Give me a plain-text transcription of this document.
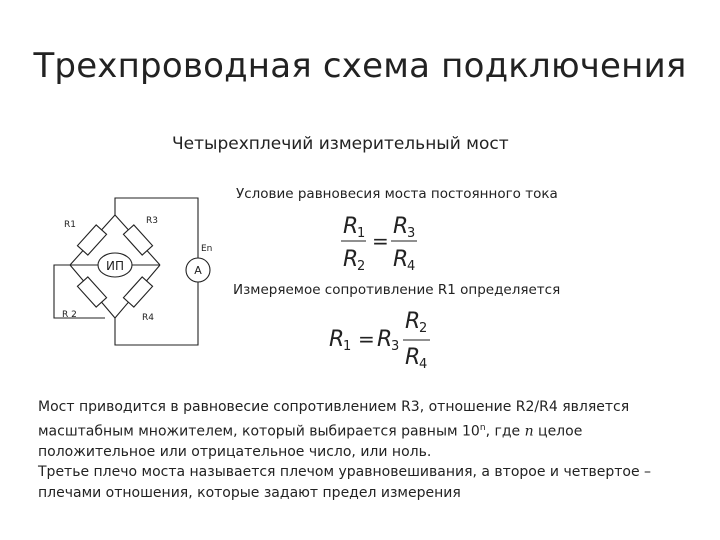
Трехпроводная схема подключения
Четырехплечий измерительный мост
ИП	A
R1	R3
R 2	R4
En
Условие равновесия моста постоянного тока
R
1
R
2
=
R
3
R
4
Измеряемое сопротивление R1 определяется
R
1 = R
3
R
2
R
4

Мост приводится в равновесие сопротивлением R3, отношение R2/R4 является

масштабным множителем, который выбирается равным 10$^n$, где n целое

положительное или отрицательное число, или ноль.

Третье плечо моста называется плечом уравновешивания, а второе и четвертое –

плечами отношения, которые задают предел измерения
